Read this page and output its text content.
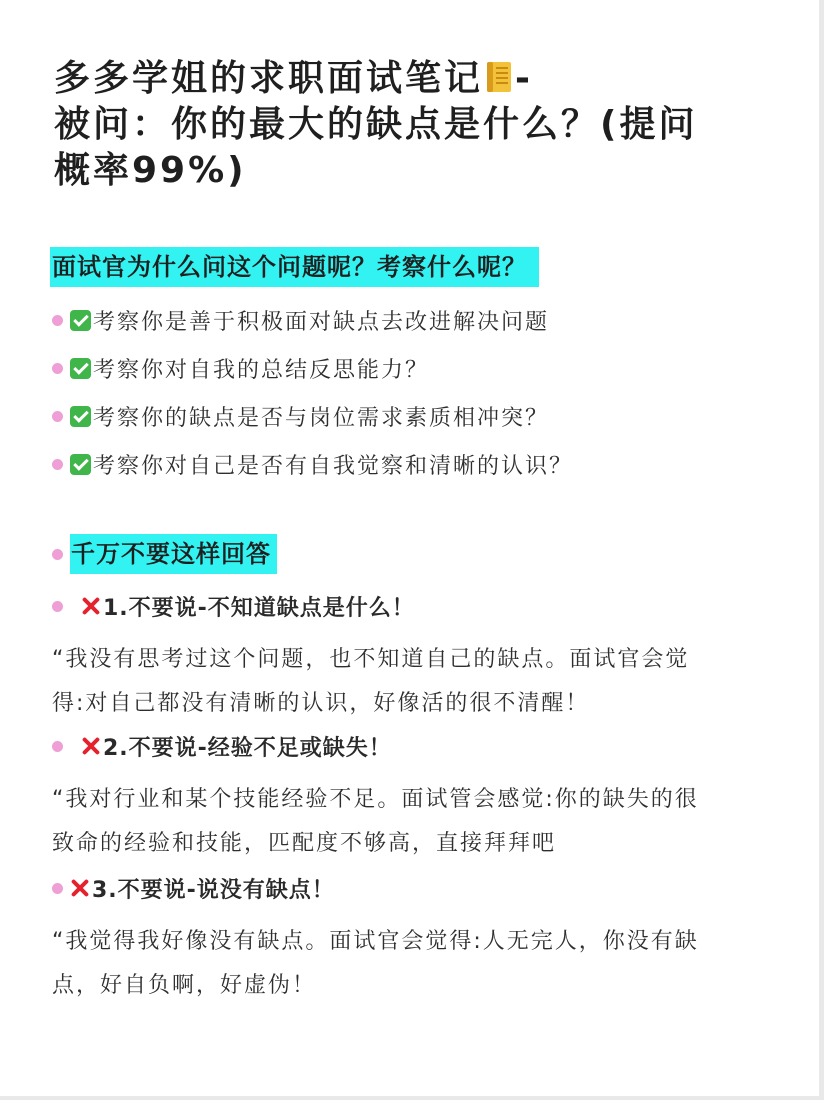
多多学姐的求职面试笔记 -
被问：你的最大的缺点是什么？(提问
概率99%)
面试官为什么问这个问题呢？考察什么呢？
考察你是善于积极面对缺点去改进解决问题
考察你对自我的总结反思能力？
考察你的缺点是否与岗位需求素质相冲突？
考察你对自己是否有自我觉察和清晰的认识？
千万不要这样回答
1.不要说-不知道缺点是什么！
“我没有思考过这个问题，也不知道自己的缺点。面试官会觉
得:对自己都没有清晰的认识，好像活的很不清醒！
2.不要说-经验不足或缺失！
“我对行业和某个技能经验不足。面试管会感觉:你的缺失的很
致命的经验和技能，匹配度不够高，直接拜拜吧
3.不要说-说没有缺点！
“我觉得我好像没有缺点。面试官会觉得:人无完人，你没有缺
点，好自负啊，好虚伪！
